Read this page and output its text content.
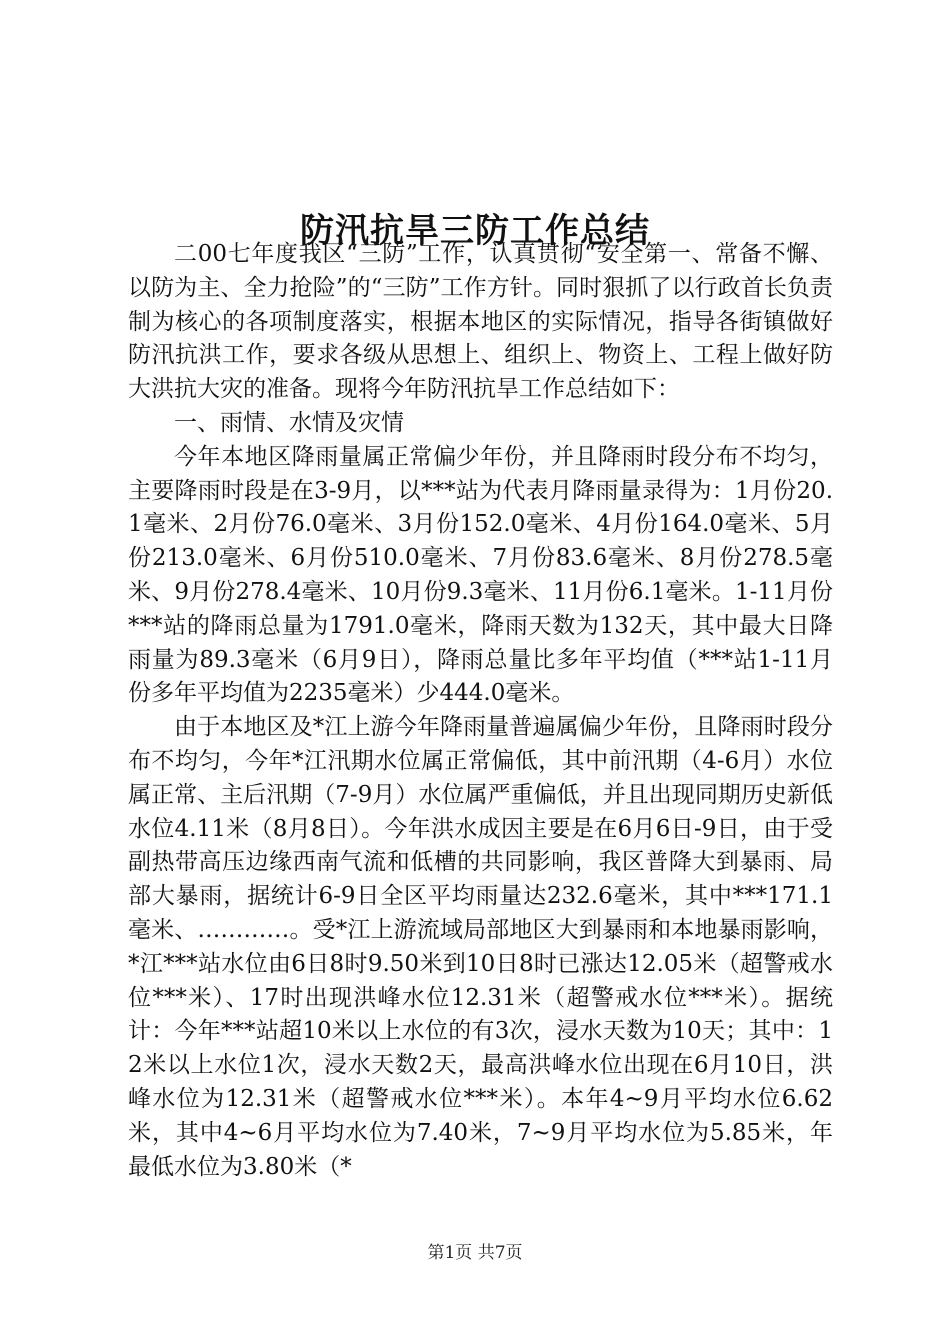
防汛抗旱三防工作总结

二00七年度我区“三防”工作，认真贯彻“安全第一、常备不懈、以防为主、全力抢险”的“三防”工作方针。同时狠抓了以行政首长负责制为核心的各项制度落实，根据本地区的实际情况，指导各街镇做好防汛抗洪工作，要求各级从思想上、组织上、物资上、工程上做好防大洪抗大灾的准备。现将今年防汛抗旱工作总结如下：

一、雨情、水情及灾情

今年本地区降雨量属正常偏少年份，并且降雨时段分布不均匀，主要降雨时段是在3-9月，以***站为代表月降雨量录得为：1月份20.1毫米、2月份76.0毫米、3月份152.0毫米、4月份164.0毫米、5月份213.0毫米、6月份510.0毫米、7月份83.6毫米、8月份278.5毫米、9月份278.4毫米、10月份9.3毫米、11月份6.1毫米。1-11月份***站的降雨总量为1791.0毫米，降雨天数为132天，其中最大日降雨量为89.3毫米（6月9日），降雨总量比多年平均值（***站1-11月份多年平均值为2235毫米）少444.0毫米。

由于本地区及*江上游今年降雨量普遍属偏少年份，且降雨时段分布不均匀，今年*江汛期水位属正常偏低，其中前汛期（4-6月）水位属正常、主后汛期（7-9月）水位属严重偏低，并且出现同期历史新低水位4.11米（8月8日）。今年洪水成因主要是在6月6日-9日，由于受副热带高压边缘西南气流和低槽的共同影响，我区普降大到暴雨、局部大暴雨，据统计6-9日全区平均雨量达232.6毫米，其中***171.1毫米、…………。受*江上游流域局部地区大到暴雨和本地暴雨影响，*江***站水位由6日8时9.50米到10日8时已涨达12.05米（超警戒水位***米）、17时出现洪峰水位12.31米（超警戒水位***米）。据统计：今年***站超10米以上水位的有3次，浸水天数为10天；其中：12米以上水位1次，浸水天数2天，最高洪峰水位出现在6月10日，洪峰水位为12.31米（超警戒水位***米）。本年4~9月平均水位6.62米，其中4~6月平均水位为7.40米，7~9月平均水位为5.85米，年最低水位为3.80米（*

第1页 共7页
